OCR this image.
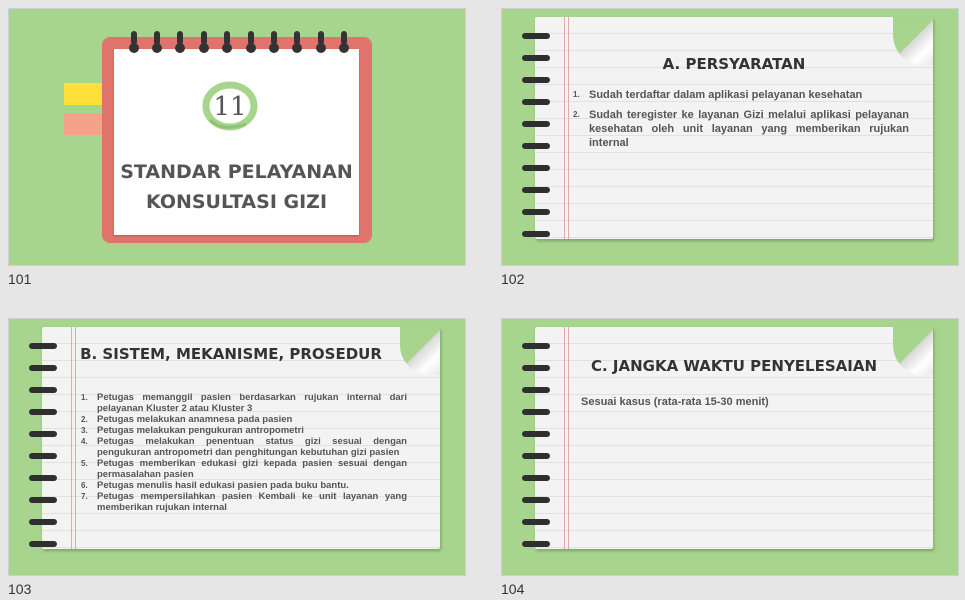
11
STANDAR PELAYANAN
KONSULTASI GIZI
101
A. PERSYARATAN
1. Sudah terdaftar dalam aplikasi pelayanan kesehatan
2. Sudah teregister ke layanan Gizi melalui aplikasi pelayanan kesehatan oleh unit layanan yang memberikan rujukan internal
102
B. SISTEM, MEKANISME, PROSEDUR
1. Petugas memanggil pasien berdasarkan rujukan internal dari pelayanan Kluster 2 atau Kluster 3
2. Petugas melakukan anamnesa pada pasien
3. Petugas melakukan pengukuran antropometri
4. Petugas melakukan penentuan status gizi sesuai dengan pengukuran antropometri dan penghitungan kebutuhan gizi pasien
5. Petugas memberikan edukasi gizi kepada pasien sesuai dengan permasalahan pasien
6. Petugas menulis hasil edukasi pasien pada buku bantu.
7. Petugas mempersilahkan pasien Kembali ke unit layanan yang memberikan rujukan internal
103
C. JANGKA WAKTU PENYELESAIAN
Sesuai kasus (rata-rata 15-30 menit)
104
